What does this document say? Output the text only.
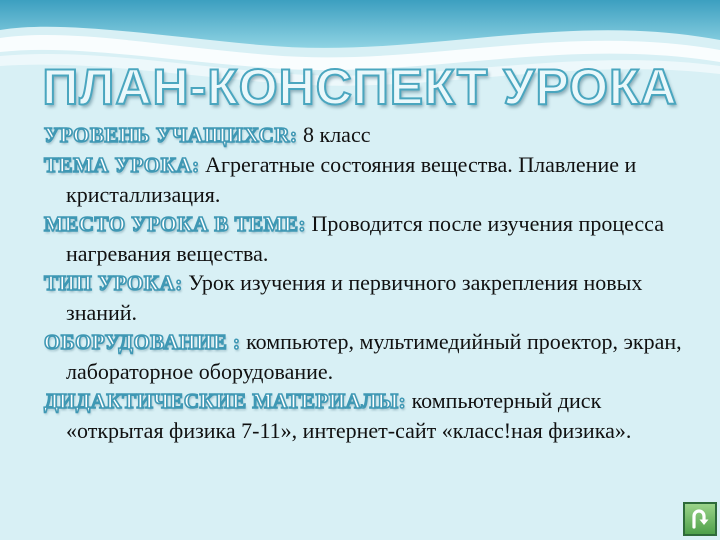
ПЛАН-КОНСПЕКТ УРОКА

УРОВЕНЬ УЧАЩИХСR: 8 класс

ТЕМА УРОКА: Агрегатные состояния вещества. Плавление и кристаллизация.

МЕСТО УРОКА В ТЕМЕ: Проводится после изучения процесса нагревания вещества.

ТИП УРОКА: Урок изучения и первичного закрепления новых знаний.

ОБОРУДОВАНИЕ : компьютер, мультимедийный проектор, экран, лабораторное оборудование.

ДИДАКТИЧЕСКИЕ МАТЕРИАЛЫ: компьютерный диск «открытая физика 7-11», интернет-сайт «класс!ная физика».
